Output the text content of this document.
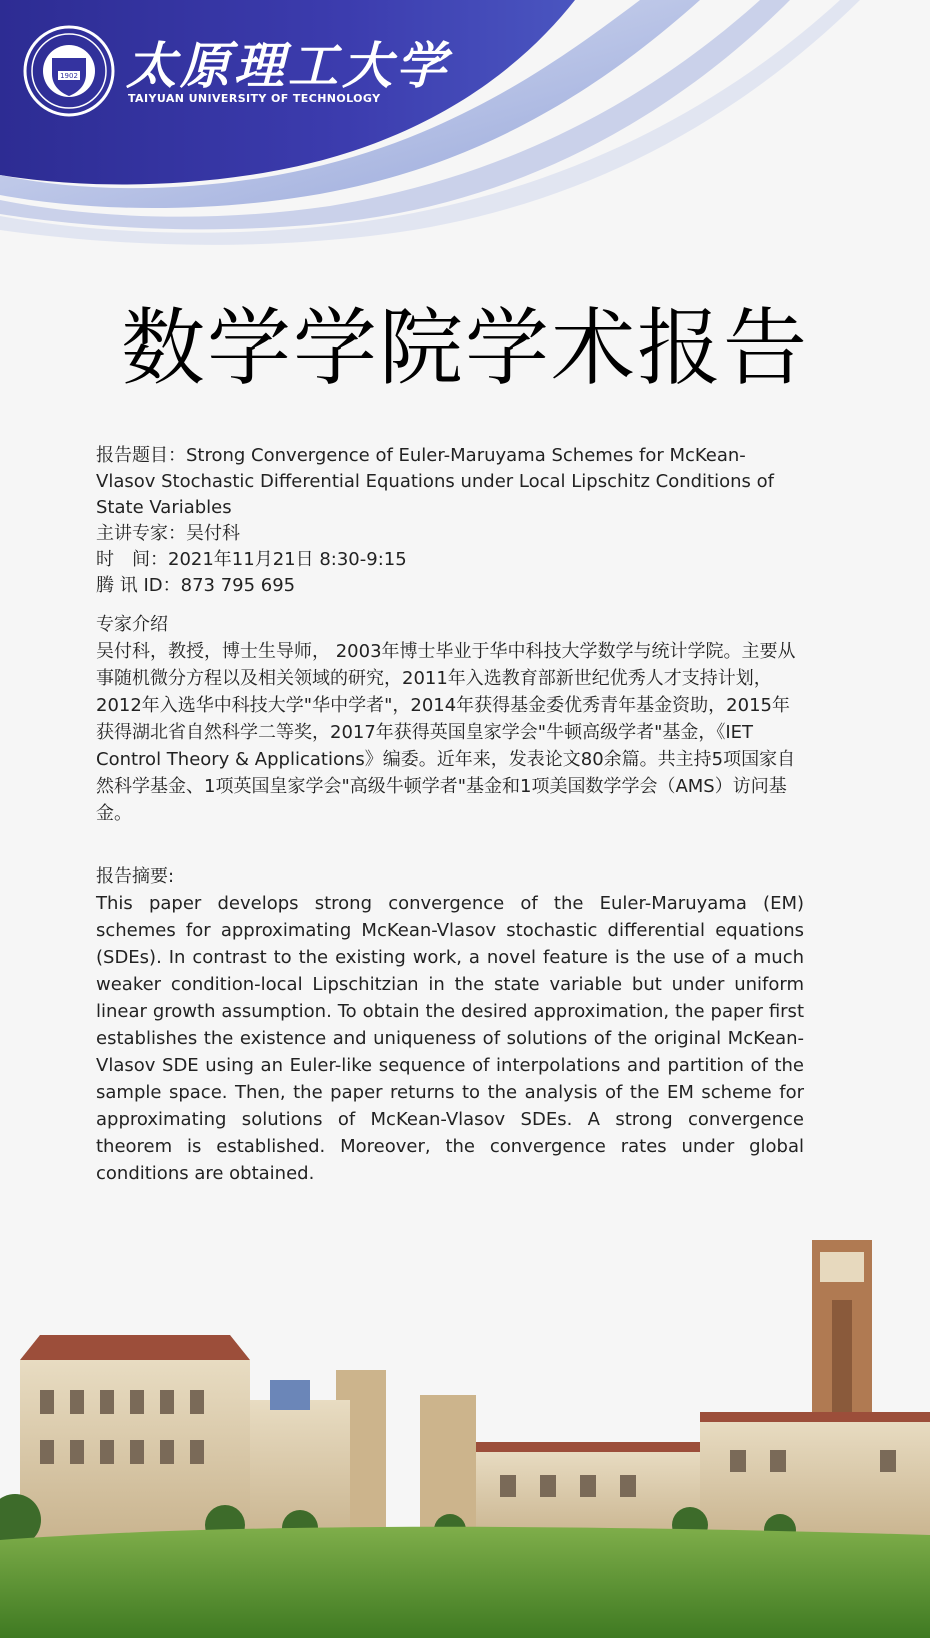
1902 太原理工大学
TAIYUAN UNIVERSITY OF TECHNOLOGY
数学学院学术报告
报告题目：Strong Convergence of Euler-Maruyama Schemes for McKean-Vlasov Stochastic Differential Equations under Local Lipschitz Conditions of State Variables
主讲专家：吴付科
时　间：2021年11月21日 8:30-9:15
腾 讯 ID：873 795 695
专家介绍
吴付科，教授，博士生导师， 2003年博士毕业于华中科技大学数学与统计学院。主要从事随机微分方程以及相关领域的研究，2011年入选教育部新世纪优秀人才支持计划，2012年入选华中科技大学"华中学者"，2014年获得基金委优秀青年基金资助，2015年获得湖北省自然科学二等奖，2017年获得英国皇家学会"牛顿高级学者"基金，《IET Control Theory & Applications》编委。近年来，发表论文80余篇。共主持5项国家自然科学基金、1项英国皇家学会"高级牛顿学者"基金和1项美国数学学会（AMS）访问基金。
报告摘要:
This paper develops strong convergence of the Euler-Maruyama (EM) schemes for approximating McKean-Vlasov stochastic differential equations (SDEs). In contrast to the existing work, a novel feature is the use of a much weaker condition-local Lipschitzian in the state variable but under uniform linear growth assumption. To obtain the desired approximation, the paper first establishes the existence and uniqueness of solutions of the original McKean-Vlasov SDE using an Euler-like sequence of interpolations and partition of the sample space. Then, the paper returns to the analysis of the EM scheme for approximating solutions of McKean-Vlasov SDEs. A strong convergence theorem is established. Moreover, the convergence rates under global conditions are obtained.
